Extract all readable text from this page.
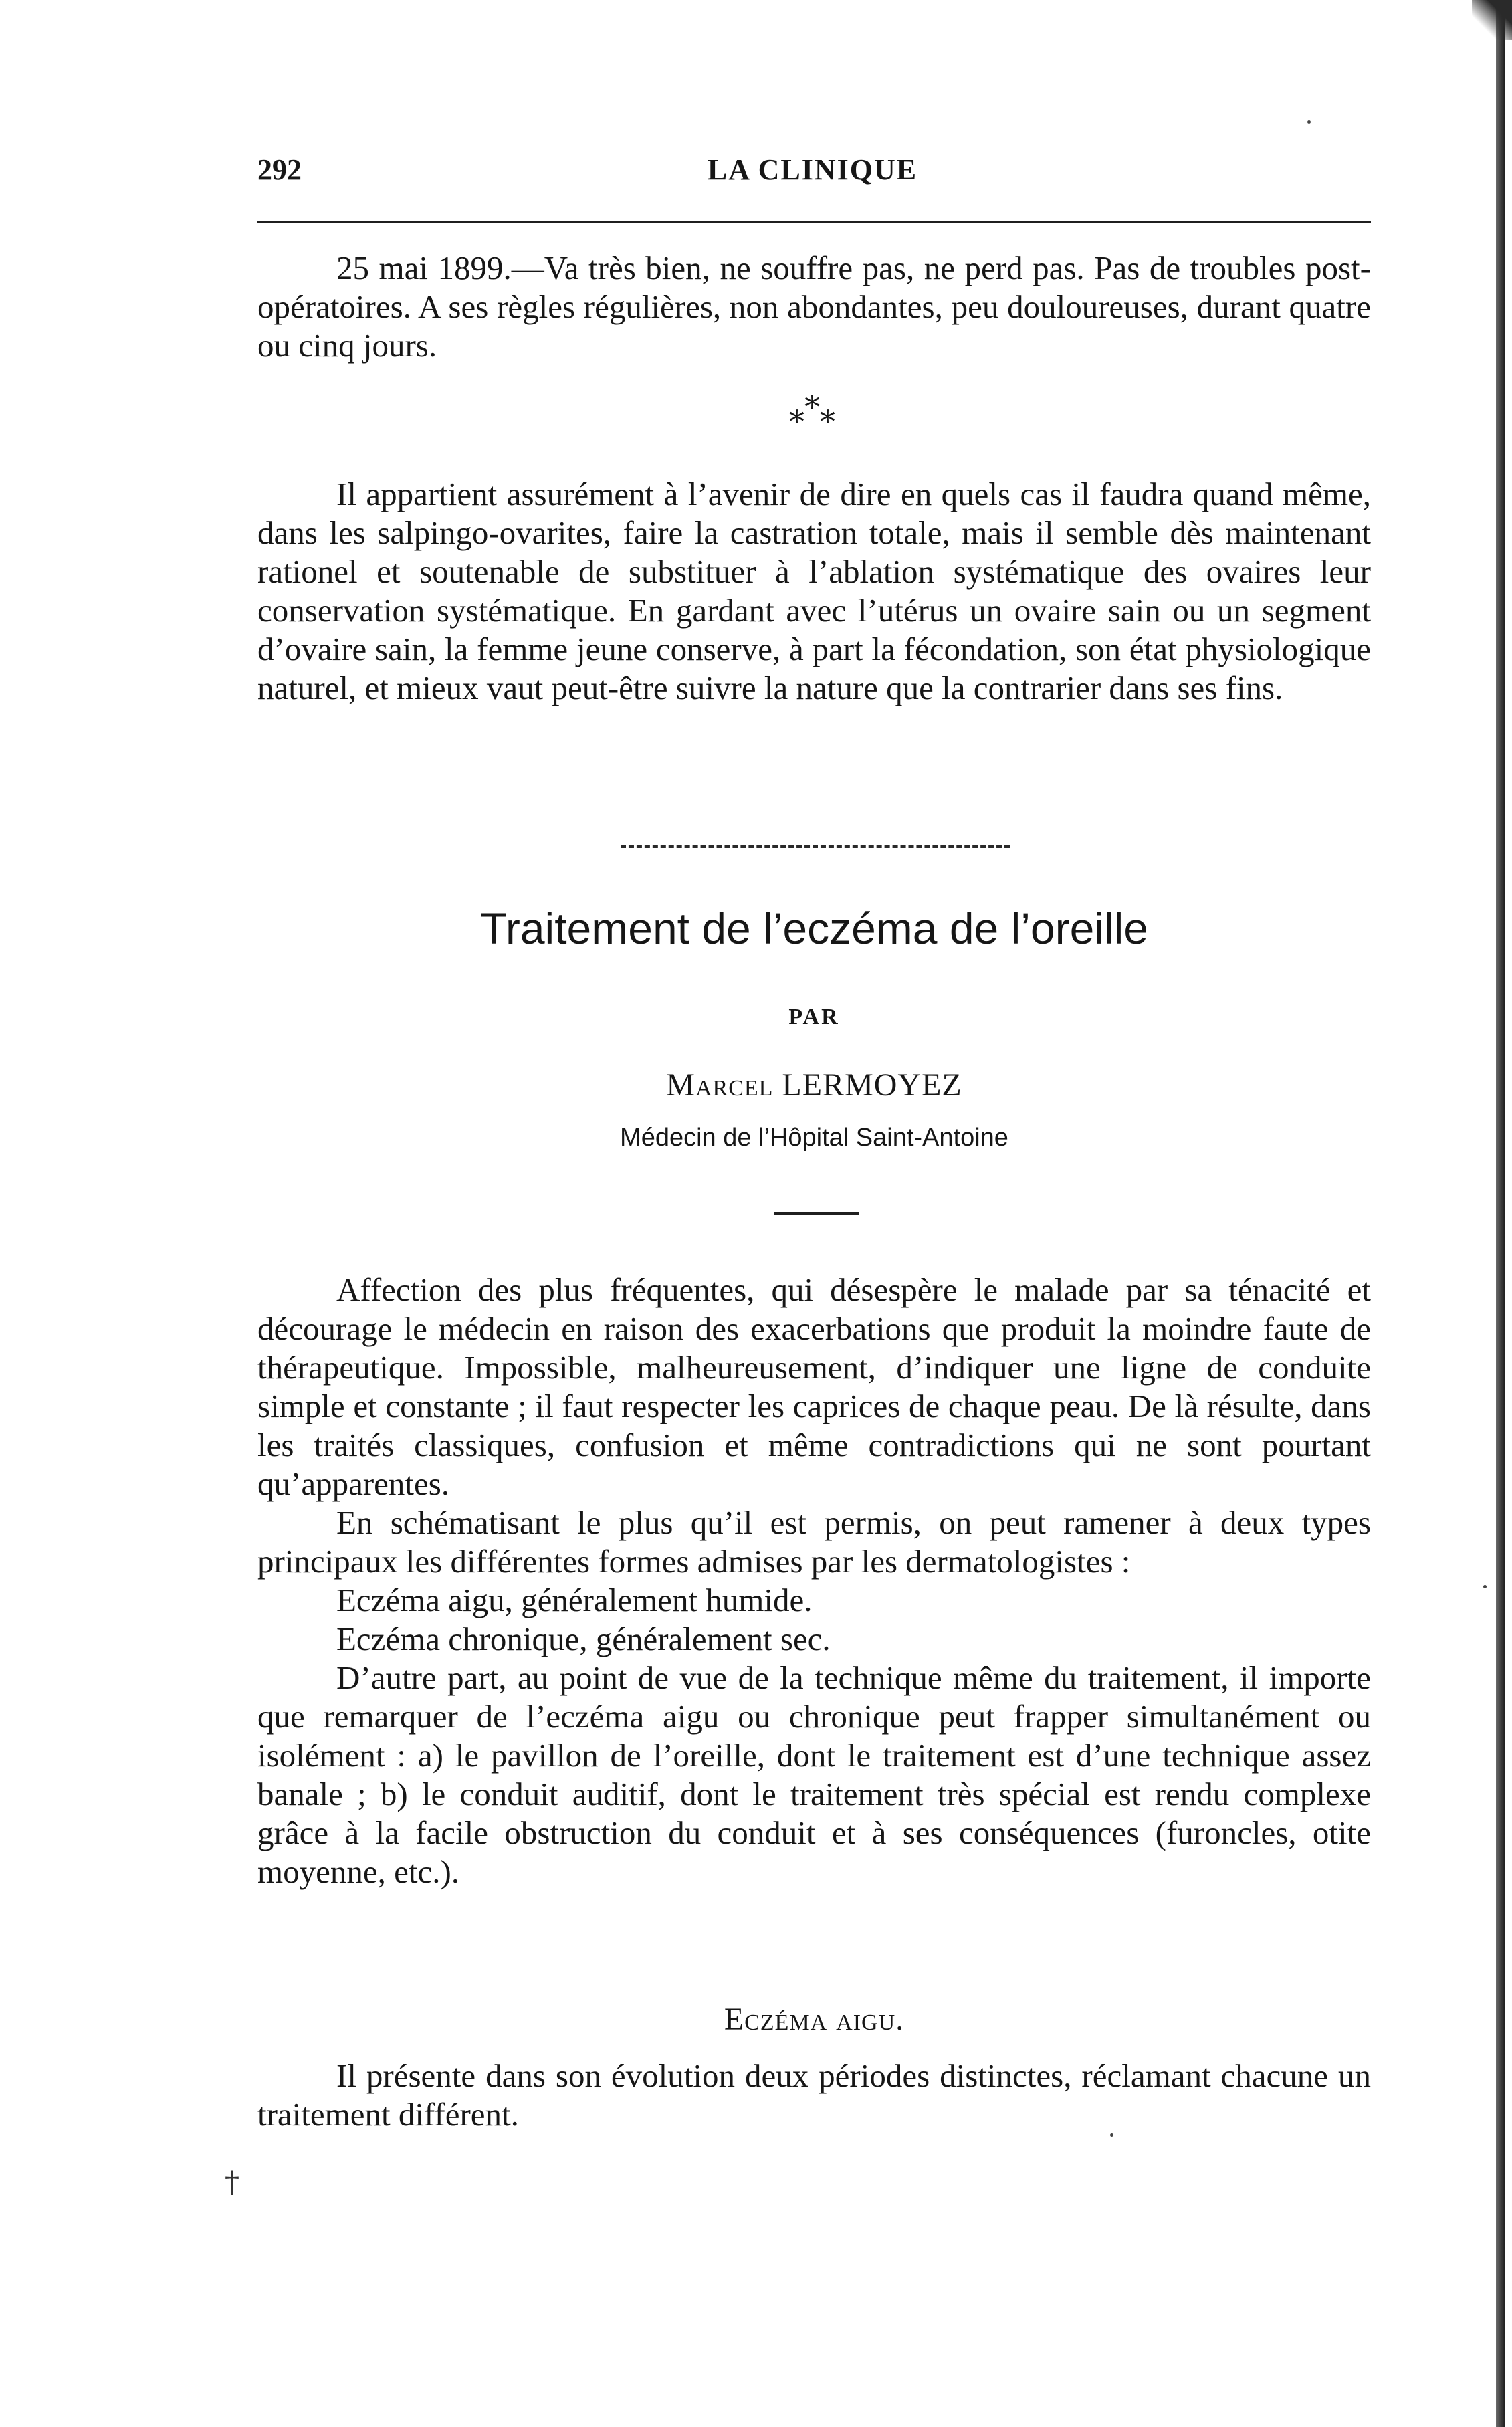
292	LA CLINIQUE

25 mai 1899.—Va très bien, ne souffre pas, ne perd pas. Pas de troubles post-opératoires. A ses règles régulières, non abondantes, peu douloureuses, durant quatre ou cinq jours.

***

Il appartient assurément à l’avenir de dire en quels cas il faudra quand même, dans les salpingo-ovarites, faire la castration totale, mais il semble dès maintenant rationel et soutenable de substituer à l’ablation systématique des ovaires leur conservation systématique. En gardant avec l’utérus un ovaire sain ou un segment d’ovaire sain, la femme jeune conserve, à part la fécondation, son état physiologique naturel, et mieux vaut peut-être suivre la nature que la contrarier dans ses fins.

Traitement de l’eczéma de l’oreille
PAR
Marcel LERMOYEZ
Médecin de l’Hôpital Saint-Antoine

Affection des plus fréquentes, qui désespère le malade par sa ténacité et décourage le médecin en raison des exacerbations que produit la moindre faute de thérapeutique. Impossible, malheureusement, d’indiquer une ligne de conduite simple et constante ; il faut respecter les caprices de chaque peau. De là résulte, dans les traités classiques, confusion et même contradictions qui ne sont pourtant qu’apparentes.

En schématisant le plus qu’il est permis, on peut ramener à deux types principaux les différentes formes admises par les dermatologistes :

Eczéma aigu, généralement humide.

Eczéma chronique, généralement sec.

D’autre part, au point de vue de la technique même du traitement, il importe que remarquer de l’eczéma aigu ou chronique peut frapper simultanément ou isolément : a) le pavillon de l’oreille, dont le traitement est d’une technique assez banale ; b) le conduit auditif, dont le traitement très spécial est rendu complexe grâce à la facile obstruction du conduit et à ses conséquences (furoncles, otite moyenne, etc.).

Eczéma aigu.

Il présente dans son évolution deux périodes distinctes, réclamant chacune un traitement différent.

†
